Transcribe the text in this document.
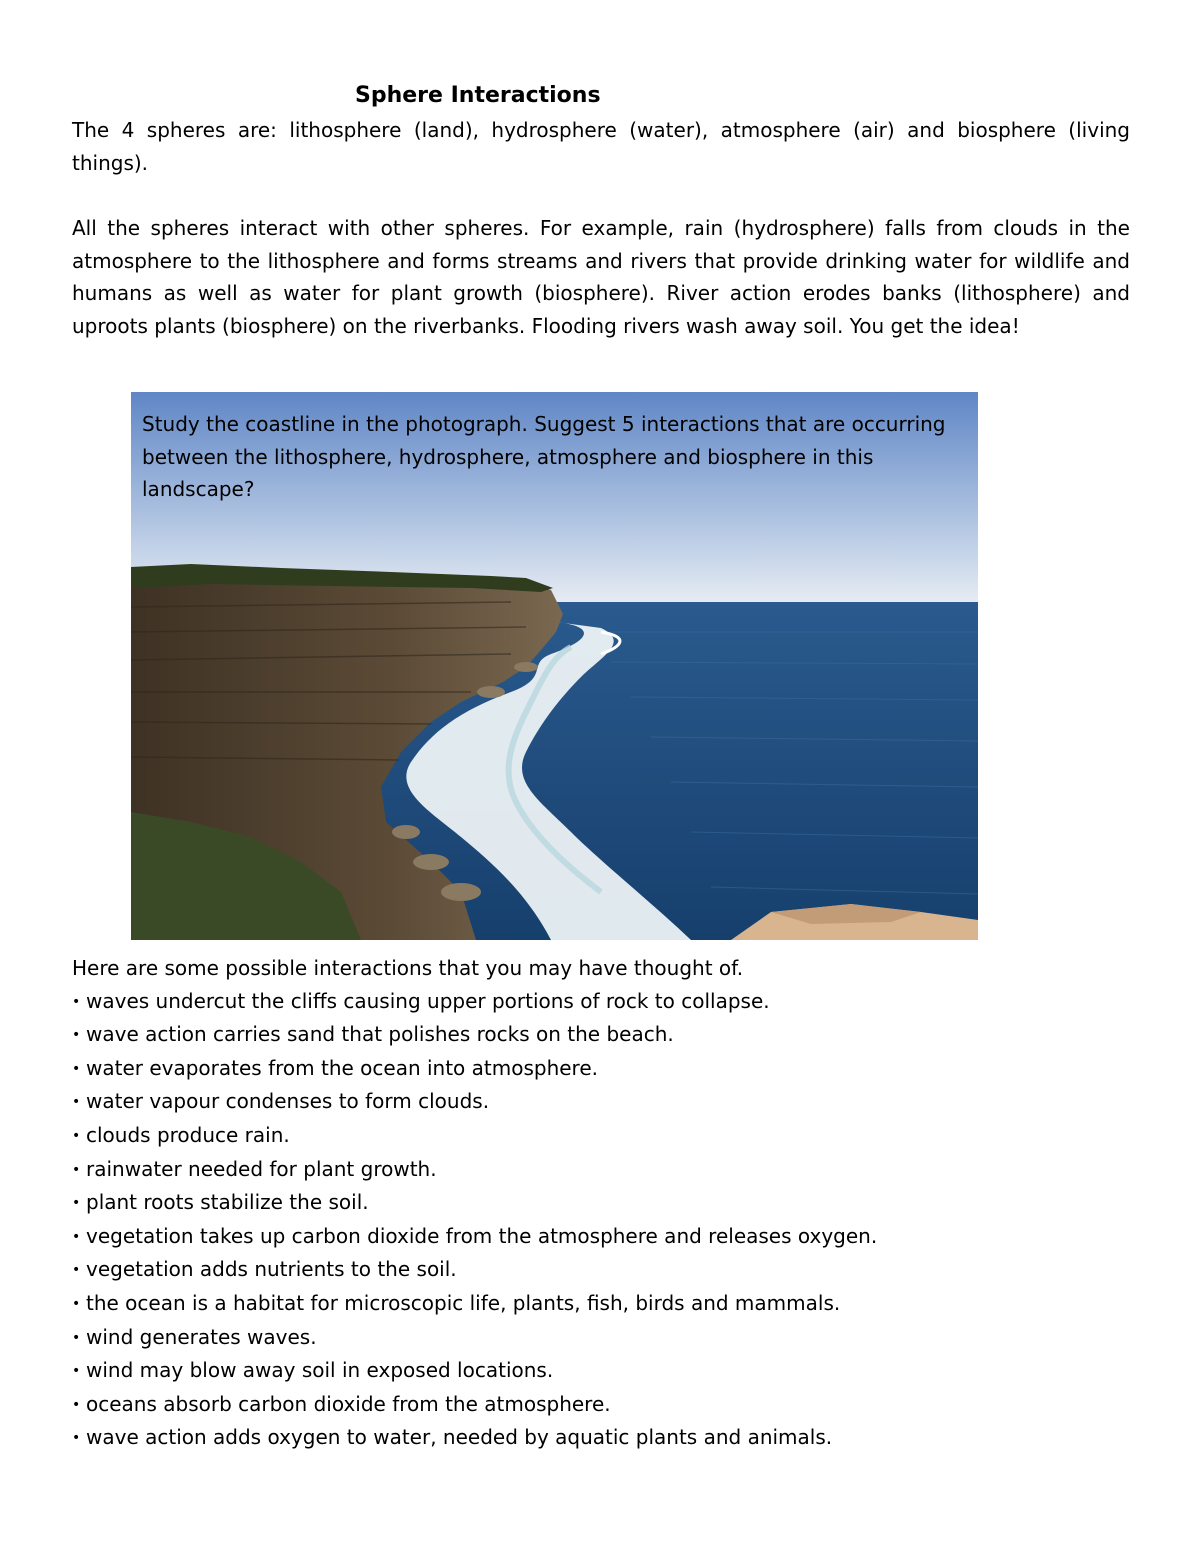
Sphere Interactions
The 4 spheres are: lithosphere (land), hydrosphere (water), atmosphere (air) and biosphere (living things).
All the spheres interact with other spheres. For example, rain (hydrosphere) falls from clouds in the atmosphere to the lithosphere and forms streams and rivers that provide drinking water for wildlife and humans as well as water for plant growth (biosphere). River action erodes banks (lithosphere) and uproots plants (biosphere) on the riverbanks. Flooding rivers wash away soil. You get the idea!
Study the coastline in the photograph. Suggest 5 interactions that are occurring between the lithosphere, hydrosphere, atmosphere and biosphere in this landscape?
Here are some possible interactions that you may have thought of.
• waves undercut the cliffs causing upper portions of rock to collapse.
• wave action carries sand that polishes rocks on the beach.
• water evaporates from the ocean into atmosphere.
• water vapour condenses to form clouds.
• clouds produce rain.
• rainwater needed for plant growth.
• plant roots stabilize the soil.
• vegetation takes up carbon dioxide from the atmosphere and releases oxygen.
• vegetation adds nutrients to the soil.
• the ocean is a habitat for microscopic life, plants, fish, birds and mammals.
• wind generates waves.
• wind may blow away soil in exposed locations.
• oceans absorb carbon dioxide from the atmosphere.
• wave action adds oxygen to water, needed by aquatic plants and animals.
